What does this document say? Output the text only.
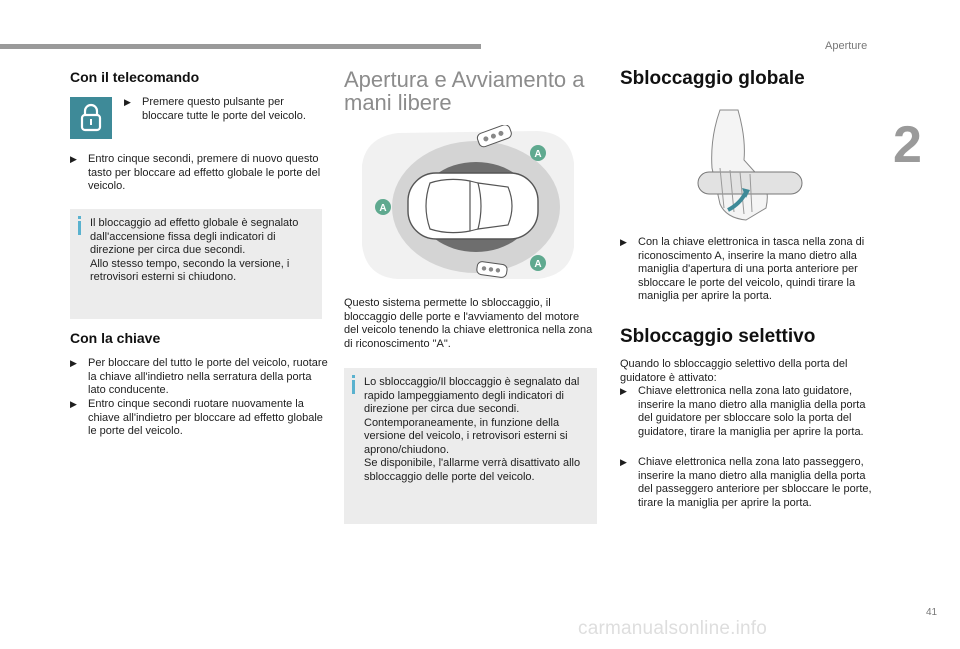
Aperture
2
Con il telecomando
▶︎	Premere questo pulsante per bloccare tutte le porte del veicolo.
▶︎	Entro cinque secondi, premere di nuovo questo tasto per bloccare ad effetto globale le porte del veicolo.
Il bloccaggio ad effetto globale è segnalato dall'accensione fissa degli indicatori di direzione per circa due secondi.
Allo stesso tempo, secondo la versione, i retrovisori esterni si chiudono.
Con la chiave
▶︎	Per bloccare del tutto le porte del veicolo, ruotare la chiave all'indietro nella serratura della porta lato conducente.
▶︎	Entro cinque secondi ruotare nuovamente la chiave all'indietro per bloccare ad effetto globale le porte del veicolo.
Apertura e Avviamento a mani libere
A
A
A
Questo sistema permette lo sbloccaggio, il bloccaggio delle porte e l'avviamento del motore del veicolo tenendo la chiave elettronica nella zona di riconoscimento "A".
Lo sbloccaggio/Il bloccaggio è segnalato dal rapido lampeggiamento degli indicatori di direzione per circa due secondi.
Contemporaneamente, in funzione della versione del veicolo, i retrovisori esterni si aprono/chiudono.
Se disponibile, l'allarme verrà disattivato allo sbloccaggio delle porte del veicolo.
Sbloccaggio globale
▶︎	Con la chiave elettronica in tasca nella zona di riconoscimento A, inserire la mano dietro alla maniglia d'apertura di una porta anteriore per sbloccare le porte del veicolo, quindi tirare la maniglia per aprire la porta.
Sbloccaggio selettivo
Quando lo sbloccaggio selettivo della porta del guidatore è attivato:
▶︎	Chiave elettronica nella zona lato guidatore, inserire la mano dietro alla maniglia della porta del guidatore per sbloccare solo la porta del guidatore, tirare la maniglia per aprire la porta.
▶︎	Chiave elettronica nella zona lato passeggero, inserire la mano dietro alla maniglia della porta del passeggero anteriore per sbloccare le porte, tirare la maniglia per aprire la porta.
41
carmanualsonline.info
